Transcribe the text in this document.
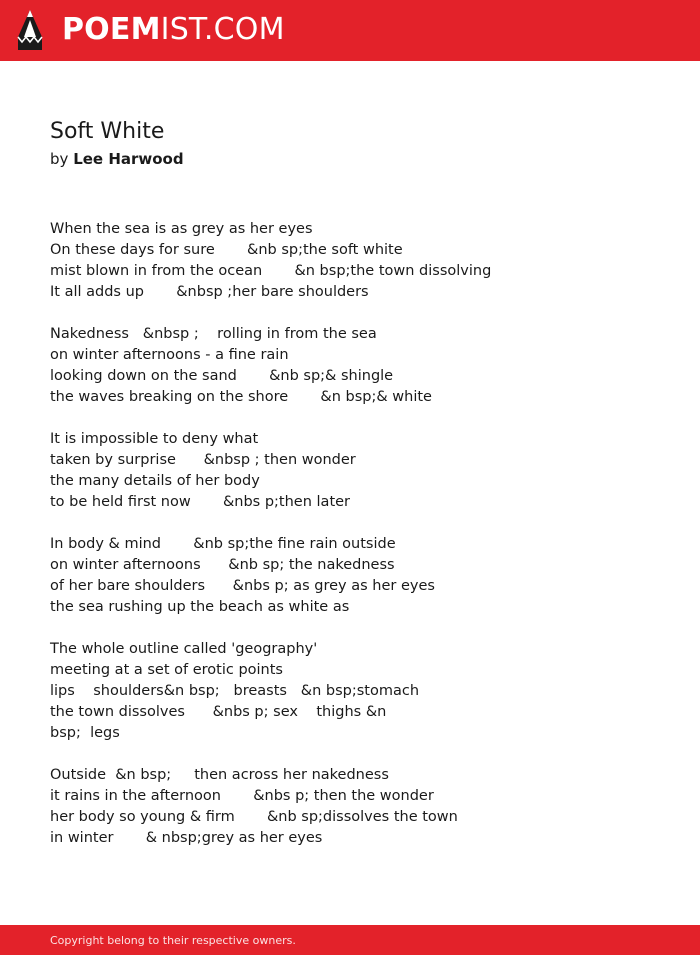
POEMIST.COM
Soft White
by Lee Harwood
When the sea is as grey as her eyes
On these days for sure       &nb sp;the soft white
mist blown in from the ocean       &n bsp;the town dissolving
It all adds up       &nbsp ;her bare shoulders
Nakedness   &nbsp ;    rolling in from the sea
on winter afternoons - a fine rain
looking down on the sand       &nb sp;& shingle
the waves breaking on the shore       &n bsp;& white
It is impossible to deny what
taken by surprise      &nbsp ; then wonder
the many details of her body
to be held first now       &nbs p;then later
In body & mind       &nb sp;the fine rain outside
on winter afternoons      &nb sp; the nakedness
of her bare shoulders      &nbs p; as grey as her eyes
the sea rushing up the beach as white as
The whole outline called 'geography'
meeting at a set of erotic points
lips    shoulders&n bsp;   breasts   &n bsp;stomach
the town dissolves      &nbs p; sex    thighs &n
bsp;  legs
Outside  &n bsp;     then across her nakedness
it rains in the afternoon       &nbs p; then the wonder
her body so young & firm       &nb sp;dissolves the town
in winter       & nbsp;grey as her eyes
Copyright belong to their respective owners.
